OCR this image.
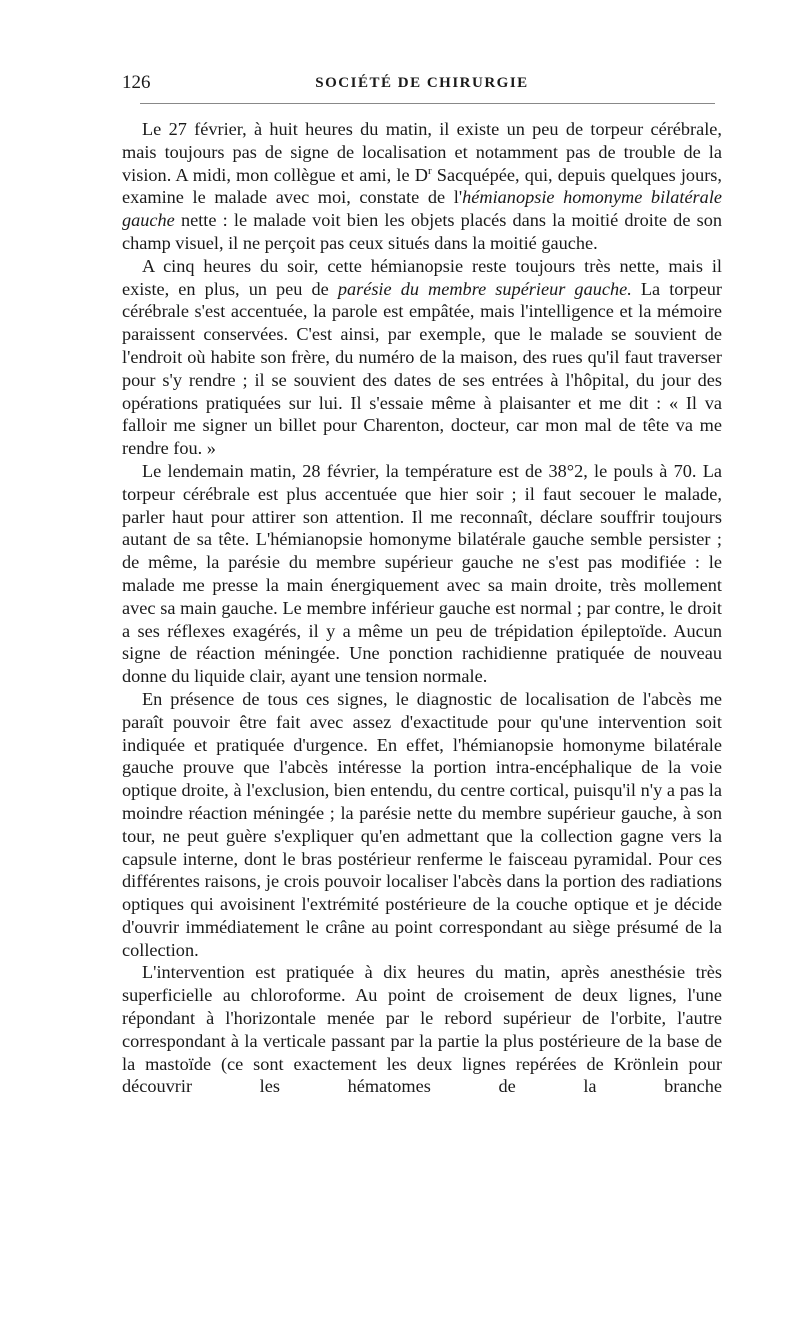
126	SOCIÉTÉ DE CHIRURGIE

Le 27 février, à huit heures du matin, il existe un peu de torpeur cérébrale, mais toujours pas de signe de localisation et notamment pas de trouble de la vision. A midi, mon collègue et ami, le $D^r$ Sacquépée, qui, depuis quelques jours, examine le malade avec moi, constate de l'hémianopsie homonyme bilatérale gauche nette : le malade voit bien les objets placés dans la moitié droite de son champ visuel, il ne perçoit pas ceux situés dans la moitié gauche.

A cinq heures du soir, cette hémianopsie reste toujours très nette, mais il existe, en plus, un peu de parésie du membre supérieur gauche. La torpeur cérébrale s'est accentuée, la parole est empâtée, mais l'intelligence et la mémoire paraissent conservées. C'est ainsi, par exemple, que le malade se souvient de l'endroit où habite son frère, du numéro de la maison, des rues qu'il faut traverser pour s'y rendre ; il se souvient des dates de ses entrées à l'hôpital, du jour des opérations pratiquées sur lui. Il s'essaie même à plaisanter et me dit : « Il va falloir me signer un billet pour Charenton, docteur, car mon mal de tête va me rendre fou. »

Le lendemain matin, 28 février, la température est de 38°2, le pouls à 70. La torpeur cérébrale est plus accentuée que hier soir ; il faut secouer le malade, parler haut pour attirer son attention. Il me reconnaît, déclare souffrir toujours autant de sa tête. L'hémianopsie homonyme bilatérale gauche semble persister ; de même, la parésie du membre supérieur gauche ne s'est pas modifiée : le malade me presse la main énergiquement avec sa main droite, très mollement avec sa main gauche. Le membre inférieur gauche est normal ; par contre, le droit a ses réflexes exagérés, il y a même un peu de trépidation épileptoïde. Aucun signe de réaction méningée. Une ponction rachidienne pratiquée de nouveau donne du liquide clair, ayant une tension normale.

En présence de tous ces signes, le diagnostic de localisation de l'abcès me paraît pouvoir être fait avec assez d'exactitude pour qu'une intervention soit indiquée et pratiquée d'urgence. En effet, l'hémianopsie homonyme bilatérale gauche prouve que l'abcès intéresse la portion intra-encéphalique de la voie optique droite, à l'exclusion, bien entendu, du centre cortical, puisqu'il n'y a pas la moindre réaction méningée ; la parésie nette du membre supérieur gauche, à son tour, ne peut guère s'expliquer qu'en admettant que la collection gagne vers la capsule interne, dont le bras postérieur renferme le faisceau pyramidal. Pour ces différentes raisons, je crois pouvoir localiser l'abcès dans la portion des radiations optiques qui avoisinent l'extrémité postérieure de la couche optique et je décide d'ouvrir immédiatement le crâne au point correspondant au siège présumé de la collection.

L'intervention est pratiquée à dix heures du matin, après anesthésie très superficielle au chloroforme. Au point de croisement de deux lignes, l'une répondant à l'horizontale menée par le rebord supérieur de l'orbite, l'autre correspondant à la verticale passant par la partie la plus postérieure de la base de la mastoïde (ce sont exactement les deux lignes repérées de Krönlein pour découvrir les hématomes de la branche
